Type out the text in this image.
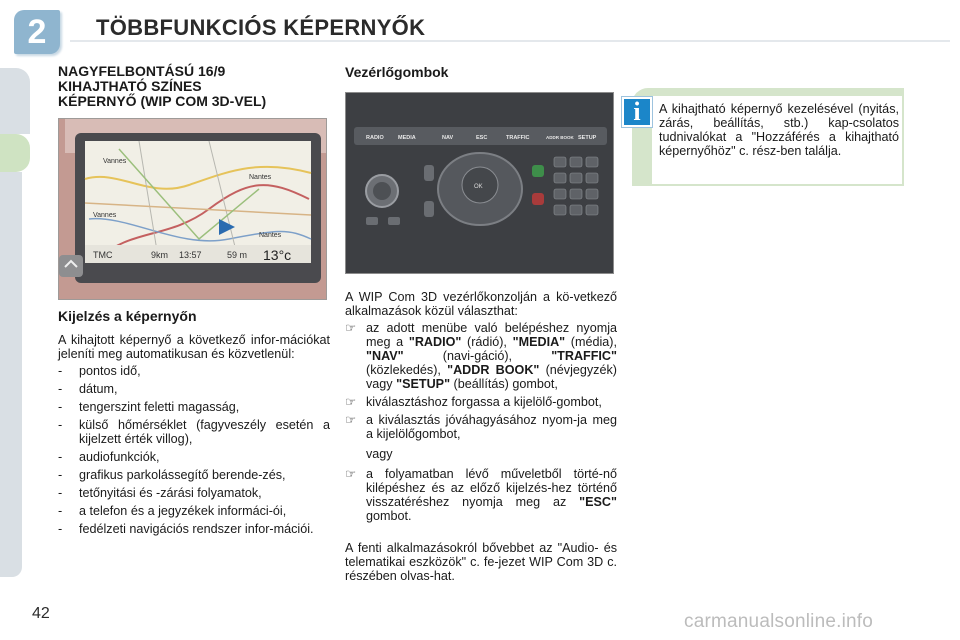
2 TÖBBFUNKCIÓS KÉPERNYŐK
NAGYFELBONTÁSÚ 16/9
KIHAJTHATÓ SZÍNES
KÉPERNYŐ (WIP COM 3D-VEL)
Vannes
Vannes
Nantes
Nantes
TMC	9km 13:57	59 m 13°c
Kijelzés a képernyőn

A kihajtott képernyő a következő infor-mációkat jeleníti meg automatikusan és közvetlenül:

- pontos idő,
- dátum,
- tengerszint feletti magasság,
- külső hőmérséklet (fagyveszély esetén a kijelzett érték villog),
- audiofunkciók,
- grafikus parkolássegítő berende-zés,
- tetőnyitási és -zárási folyamatok,
- a telefon és a jegyzékek informáci-ói,
- fedélzeti navigációs rendszer infor-mációi.
Vezérlőgombok
RADIO	MEDIA	NAV	ESC	TRAFFIC	ADDR BOOK SETUP
OK

A WIP Com 3D vezérlőkonzolján a kö-vetkező alkalmazások közül választhat:

☞ az adott menübe való belépéshez nyomja meg a "RADIO" (rádió), "MEDIA" (média), "NAV" (navi-gáció), "TRAFFIC" (közlekedés), "ADDR BOOK" (névjegyzék) vagy "SETUP" (beállítás) gombot,
☞ kiválasztáshoz forgassa a kijelölő-gombot,
☞ a kiválasztás jóváhagyásához nyom-ja meg a kijelölőgombot,
vagy
☞ a folyamatban lévő műveletből törté-nő kilépéshez és az előző kijelzés-hez történő visszatéréshez nyomja meg az "ESC" gombot.

A fenti alkalmazásokról bővebbet az "Audio- és telematikai eszközök" c. fe-jezet WIP Com 3D c. részében olvas-hat.

i	A kihajtható képernyő kezelésével (nyitás, zárás, beállítás, stb.) kap-csolatos tudnivalókat a "Hozzáférés a kihajtható képernyőhöz" c. rész-ben találja.
42	carmanualsonline.info
